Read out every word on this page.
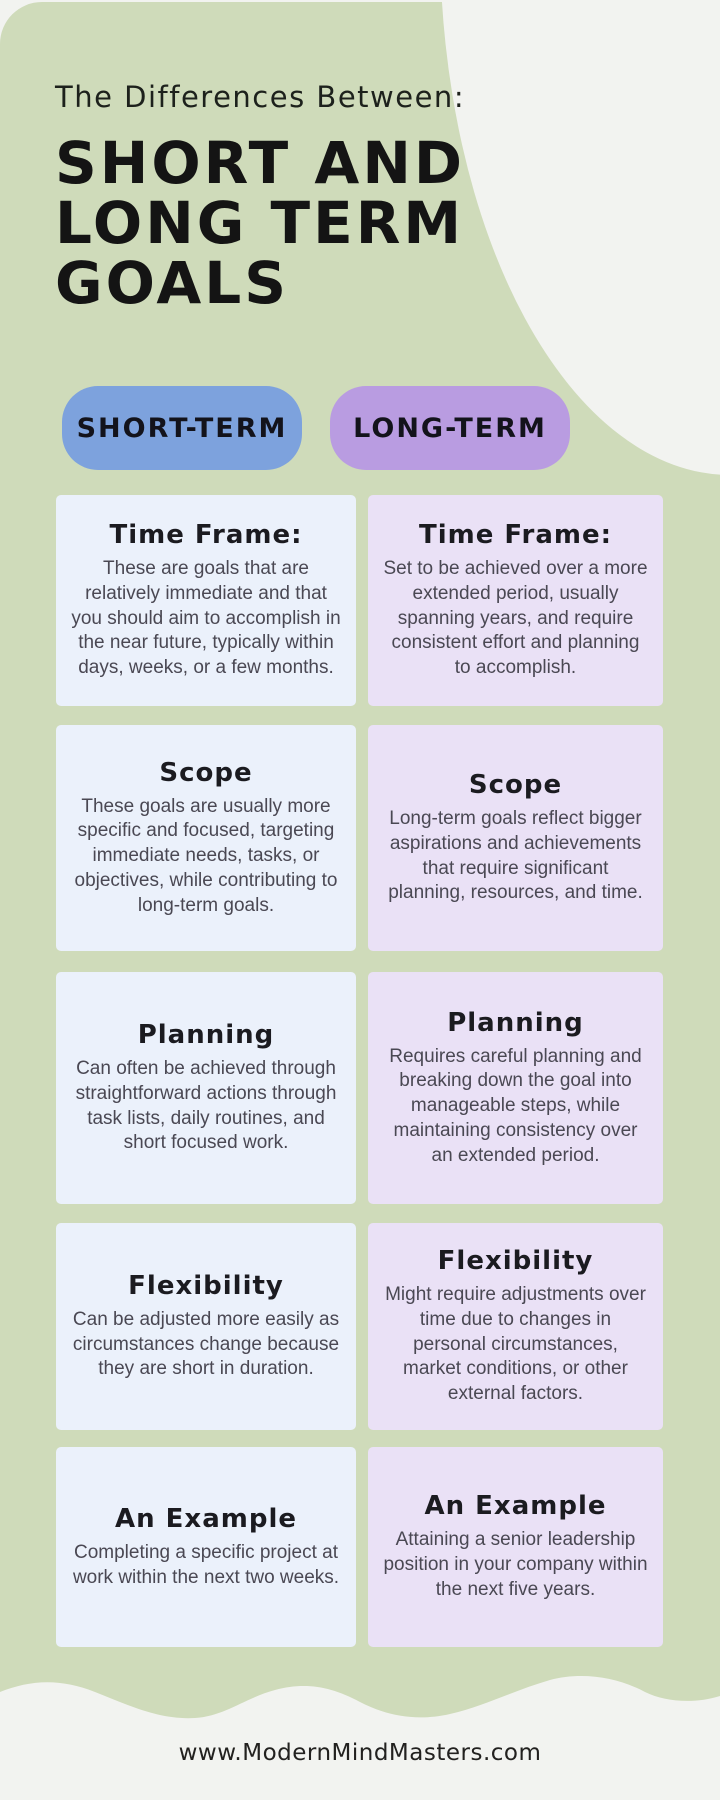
The Differences Between:
SHORT AND
LONG TERM
GOALS
SHORT-TERM LONG-TERM
Time Frame:
These are goals that are relatively immediate and that you should aim to accomplish in the near future, typically within days, weeks, or a few months.
Time Frame:
Set to be achieved over a more extended period, usually spanning years, and require consistent effort and planning to accomplish.
Scope
These goals are usually more specific and focused, targeting immediate needs, tasks, or objectives, while contributing to long-term goals.
Scope
Long-term goals reflect bigger aspirations and achievements that require significant planning, resources, and time.
Planning
Can often be achieved through straightforward actions through task lists, daily routines, and short focused work.
Planning
Requires careful planning and breaking down the goal into manageable steps, while maintaining consistency over an extended period.
Flexibility
Can be adjusted more easily as circumstances change because they are short in duration.
Flexibility
Might require adjustments over time due to changes in personal circumstances, market conditions, or other external factors.
An Example
Completing a specific project at work within the next two weeks.
An Example
Attaining a senior leadership position in your company within the next five years.
www.ModernMindMasters.com
